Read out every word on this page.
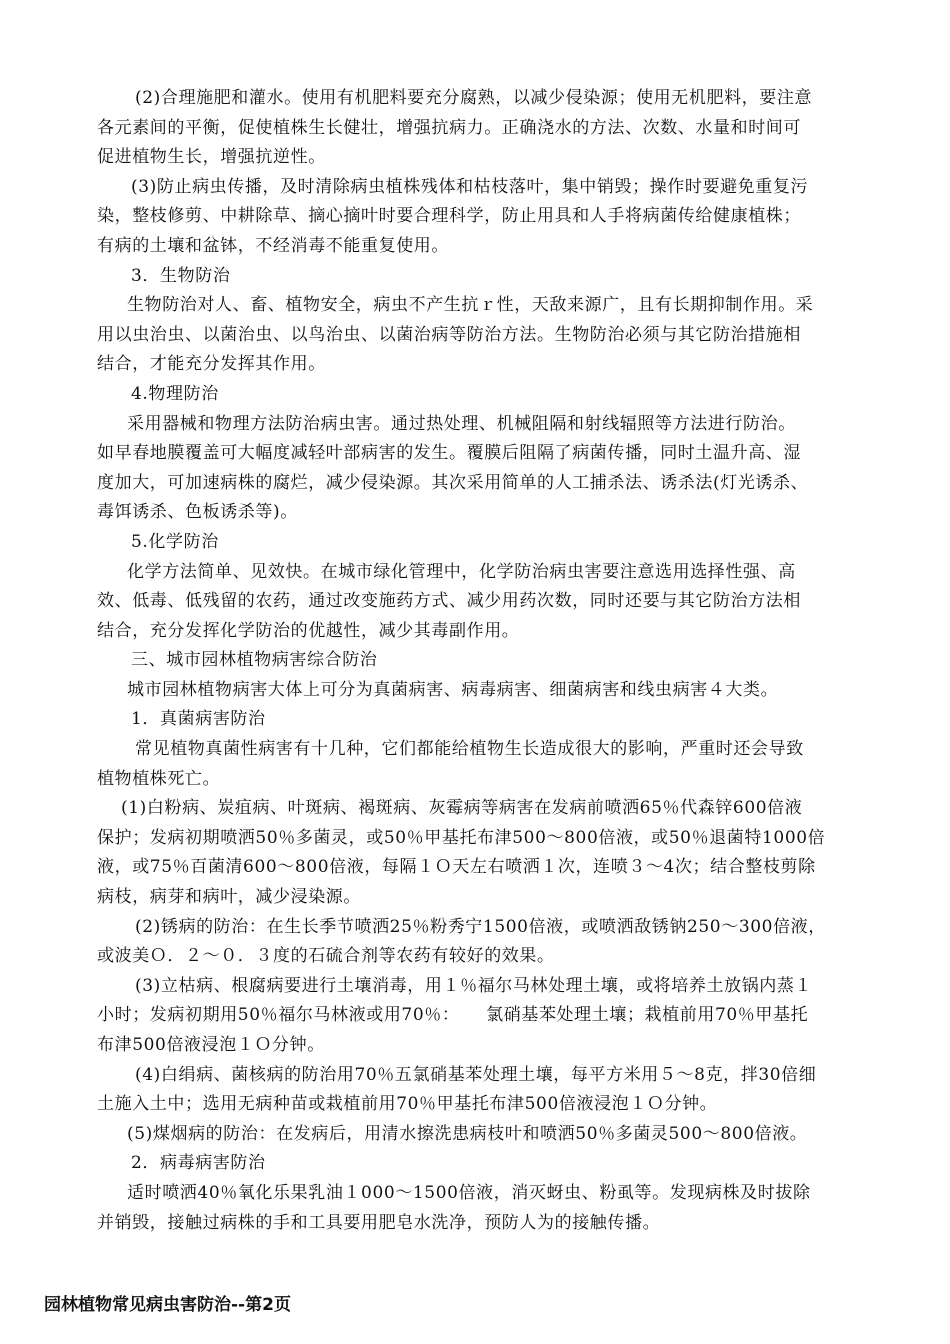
(2)合理施肥和灌水。使用有机肥料要充分腐熟，以减少侵染源；使用无机肥料，要注意
各元素间的平衡，促使植株生长健壮，增强抗病力。正确浇水的方法、次数、水量和时间可
促进植物生长，增强抗逆性。
(3)防止病虫传播，及时清除病虫植株残体和枯枝落叶，集中销毁；操作时要避免重复污
染，整枝修剪、中耕除草、摘心摘叶时要合理科学，防止用具和人手将病菌传给健康植株；
有病的土壤和盆钵，不经消毒不能重复使用。
3．生物防治
生物防治对人、畜、植物安全，病虫不产生抗ｒ性，天敌来源广，且有长期抑制作用。采
用以虫治虫、以菌治虫、以鸟治虫、以菌治病等防治方法。生物防治必须与其它防治措施相
结合，才能充分发挥其作用。
4.物理防治
采用器械和物理方法防治病虫害。通过热处理、机械阻隔和射线辐照等方法进行防治。
如早春地膜覆盖可大幅度减轻叶部病害的发生。覆膜后阻隔了病菌传播，同时土温升高、湿
度加大，可加速病株的腐烂，减少侵染源。其次采用简单的人工捕杀法、诱杀法(灯光诱杀、
毒饵诱杀、色板诱杀等)。
5.化学防治
化学方法简单、见效快。在城市绿化管理中，化学防治病虫害要注意选用选择性强、高
效、低毒、低残留的农药，通过改变施药方式、减少用药次数，同时还要与其它防治方法相
结合，充分发挥化学防治的优越性，减少其毒副作用。
三、城市园林植物病害综合防治
城市园林植物病害大体上可分为真菌病害、病毒病害、细菌病害和线虫病害４大类。
1．真菌病害防治
常见植物真菌性病害有十几种，它们都能给植物生长造成很大的影响，严重时还会导致
植物植株死亡。
(1)白粉病、炭疽病、叶斑病、褐斑病、灰霉病等病害在发病前喷洒65％代森锌600倍液
保护；发病初期喷洒50％多菌灵，或50％甲基托布津500～800倍液，或50％退菌特1000倍
液，或75％百菌清600～800倍液，每隔１Ｏ天左右喷洒１次，连喷３～4次；结合整枝剪除
病枝，病芽和病叶，减少浸染源。
(2)锈病的防治：在生长季节喷洒25％粉秀宁1500倍液，或喷洒敌锈钠250～300倍液，
或波美Ｏ．２～０．３度的石硫合剂等农药有较好的效果。
(3)立枯病、根腐病要进行土壤消毒，用１％福尔马林处理土壤，或将培养土放锅内蒸１
小时；发病初期用50％福尔马林液或用70％：　　氯硝基苯处理土壤；栽植前用70％甲基托
布津500倍液浸泡１Ｏ分钟。
(4)白绢病、菌核病的防治用70％五氯硝基苯处理土壤，每平方米用５～8克，拌30倍细
土施入土中；选用无病种苗或栽植前用70％甲基托布津500倍液浸泡１Ｏ分钟。
(5)煤烟病的防治：在发病后，用清水擦洗患病枝叶和喷洒50％多菌灵500～800倍液。
2．病毒病害防治
适时喷洒40％氧化乐果乳油１000～1500倍液，消灭蚜虫、粉虱等。发现病株及时拔除
并销毁，接触过病株的手和工具要用肥皂水洗净，预防人为的接触传播。
园林植物常见病虫害防治--第2页
